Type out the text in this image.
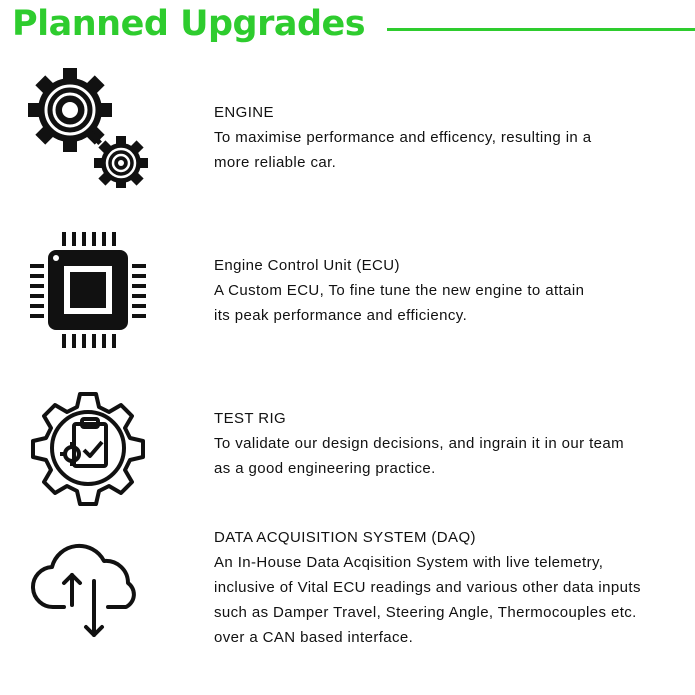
Planned Upgrades

ENGINE

To maximise performance and efficency, resulting in a

more reliable car.

Engine Control Unit (ECU)

A Custom ECU, To fine tune the new engine to attain

its peak performance and efficiency.

TEST RIG

To validate our design decisions, and ingrain it in our team

as a good engineering practice.

DATA ACQUISITION SYSTEM (DAQ)

An In-House Data Acqisition System with live telemetry,

inclusive of Vital ECU readings and various other data inputs

such as Damper Travel, Steering Angle, Thermocouples etc.

over a CAN based interface.
